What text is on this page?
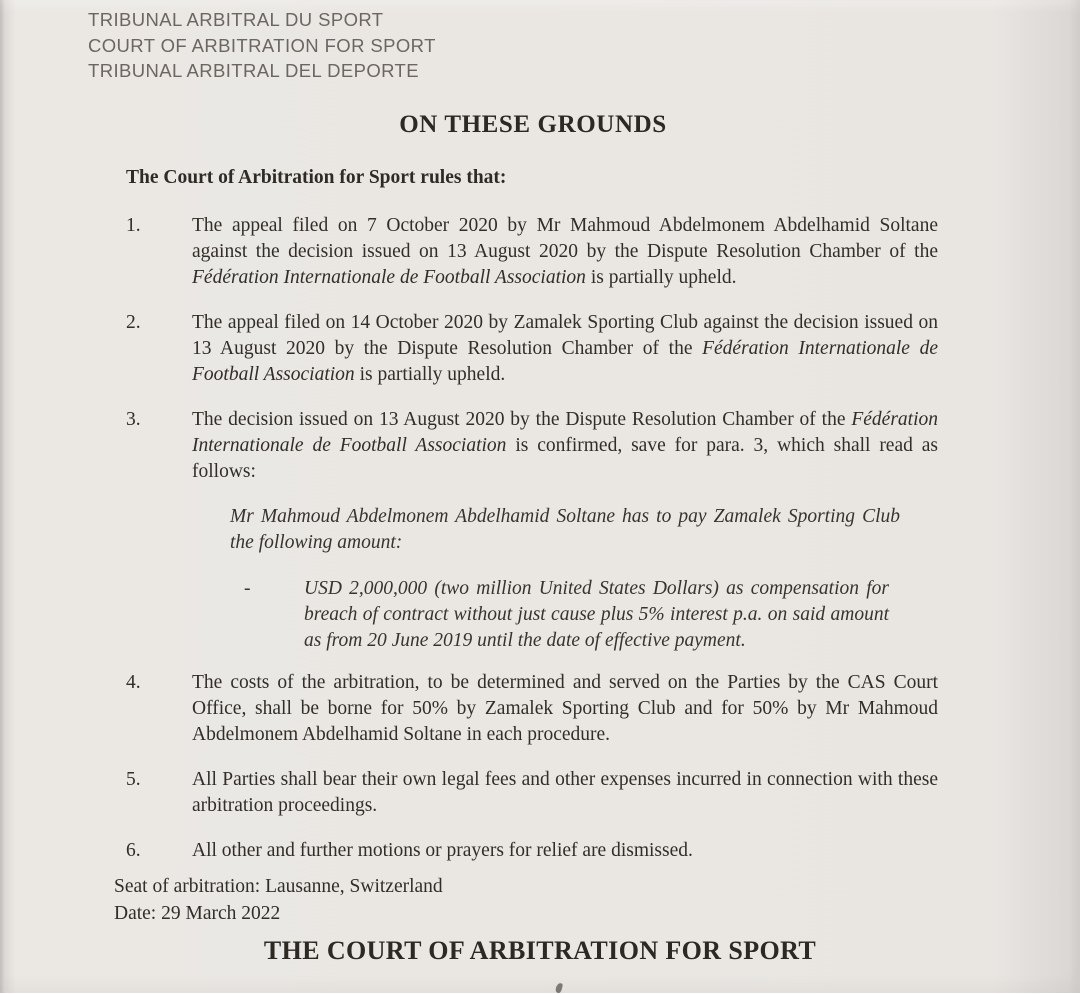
TRIBUNAL ARBITRAL DU SPORT
COURT OF ARBITRATION FOR SPORT
TRIBUNAL ARBITRAL DEL DEPORTE
ON THESE GROUNDS

The Court of Arbitration for Sport rules that:

1.	The appeal filed on 7 October 2020 by Mr Mahmoud Abdelmonem Abdelhamid Soltane against the decision issued on 13 August 2020 by the Dispute Resolution Chamber of the Fédération Internationale de Football Association is partially upheld.

2.	The appeal filed on 14 October 2020 by Zamalek Sporting Club against the decision issued on 13 August 2020 by the Dispute Resolution Chamber of the Fédération Internationale de Football Association is partially upheld.

3.	The decision issued on 13 August 2020 by the Dispute Resolution Chamber of the Fédération Internationale de Football Association is confirmed, save for para. 3, which shall read as follows:

Mr Mahmoud Abdelmonem Abdelhamid Soltane has to pay Zamalek Sporting Club the following amount:

-	USD 2,000,000 (two million United States Dollars) as compensation for breach of contract without just cause plus 5% interest p.a. on said amount as from 20 June 2019 until the date of effective payment.

4.	The costs of the arbitration, to be determined and served on the Parties by the CAS Court Office, shall be borne for 50% by Zamalek Sporting Club and for 50% by Mr Mahmoud Abdelmonem Abdelhamid Soltane in each procedure.

5.	All Parties shall bear their own legal fees and other expenses incurred in connection with these arbitration proceedings.

6.	All other and further motions or prayers for relief are dismissed.

Seat of arbitration: Lausanne, Switzerland

Date: 29 March 2022

THE COURT OF ARBITRATION FOR SPORT
